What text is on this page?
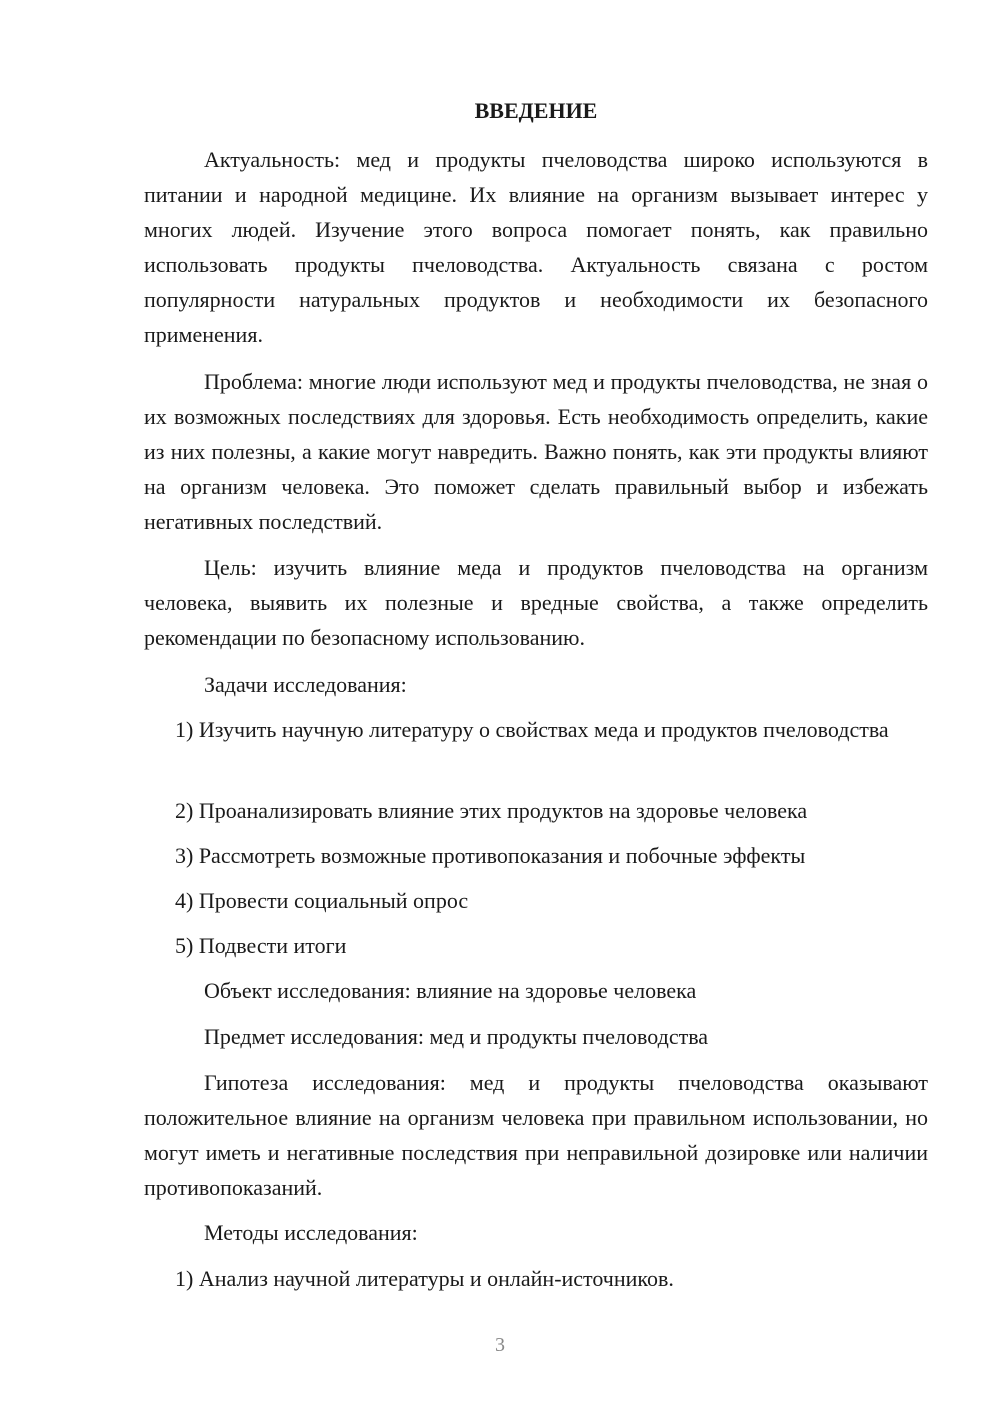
ВВЕДЕНИЕ

Актуальность: мед и продукты пчеловодства широко используются в питании и народной медицине. Их влияние на организм вызывает интерес у многих людей. Изучение этого вопроса помогает понять, как правильно использовать продукты пчеловодства. Актуальность связана с ростом популярности натуральных продуктов и необходимости их безопасного применения.

Проблема: многие люди используют мед и продукты пчеловодства, не зная о их возможных последствиях для здоровья. Есть необходимость определить, какие из них полезны, а какие могут навредить. Важно понять, как эти продукты влияют на организм человека. Это поможет сделать правильный выбор и избежать негативных последствий.

Цель: изучить влияние меда и продуктов пчеловодства на организм человека, выявить их полезные и вредные свойства, а также определить рекомендации по безопасному использованию.

Задачи исследования:

1) Изучить научную литературу о свойствах меда и продуктов пчеловодства

2) Проанализировать влияние этих продуктов на здоровье человека

3) Рассмотреть возможные противопоказания и побочные эффекты

4) Провести социальный опрос

5) Подвести итоги

Объект исследования: влияние на здоровье человека

Предмет исследования: мед и продукты пчеловодства

Гипотеза исследования: мед и продукты пчеловодства оказывают положительное влияние на организм человека при правильном использовании, но могут иметь и негативные последствия при неправильной дозировке или наличии противопоказаний.

Методы исследования:

1) Анализ научной литературы и онлайн-источников.

3
